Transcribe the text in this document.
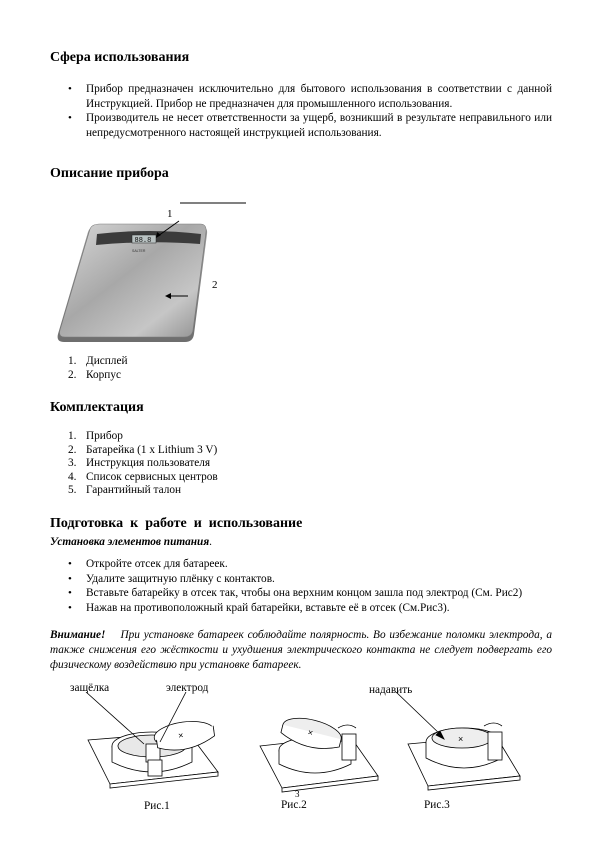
Сфера использования
• Прибор предназначен исключительно для бытового использования в соответствии с данной Инструкцией. Прибор не предназначен для промышленного использования.
• Производитель не несет ответственности за ущерб, возникший в результате неправильного или непредусмотренного настоящей инструкцией использования.
Описание прибора
1
88.8
SALTER
2
1. Дисплей
2. Корпус
Комплектация
1. Прибор
2. Батарейка (1 x Lithium 3 V)
3. Инструкция пользователя
4. Список сервисных центров
5. Гарантийный талон
Подготовка  к  работе  и  использование
Установка элементов питания.
• Откройте отсек для батареек.
• Удалите защитную плёнку с контактов.
• Вставьте батарейку в отсек так, чтобы она верхним концом зашла под электрод (См. Рис2)
• Нажав на противоположный край батарейки, вставьте её в отсек (См.Рис3).
Внимание! При установке батареек соблюдайте полярность. Во избежание поломки электрода, а также снижения его жёсткости и ухудшения электрического контакта не следует подвергать его физическому воздействию при установке батареек.
защёлка	электрод	надавить
×	×
×
Рис.1
3
Рис.2	Рис.3
